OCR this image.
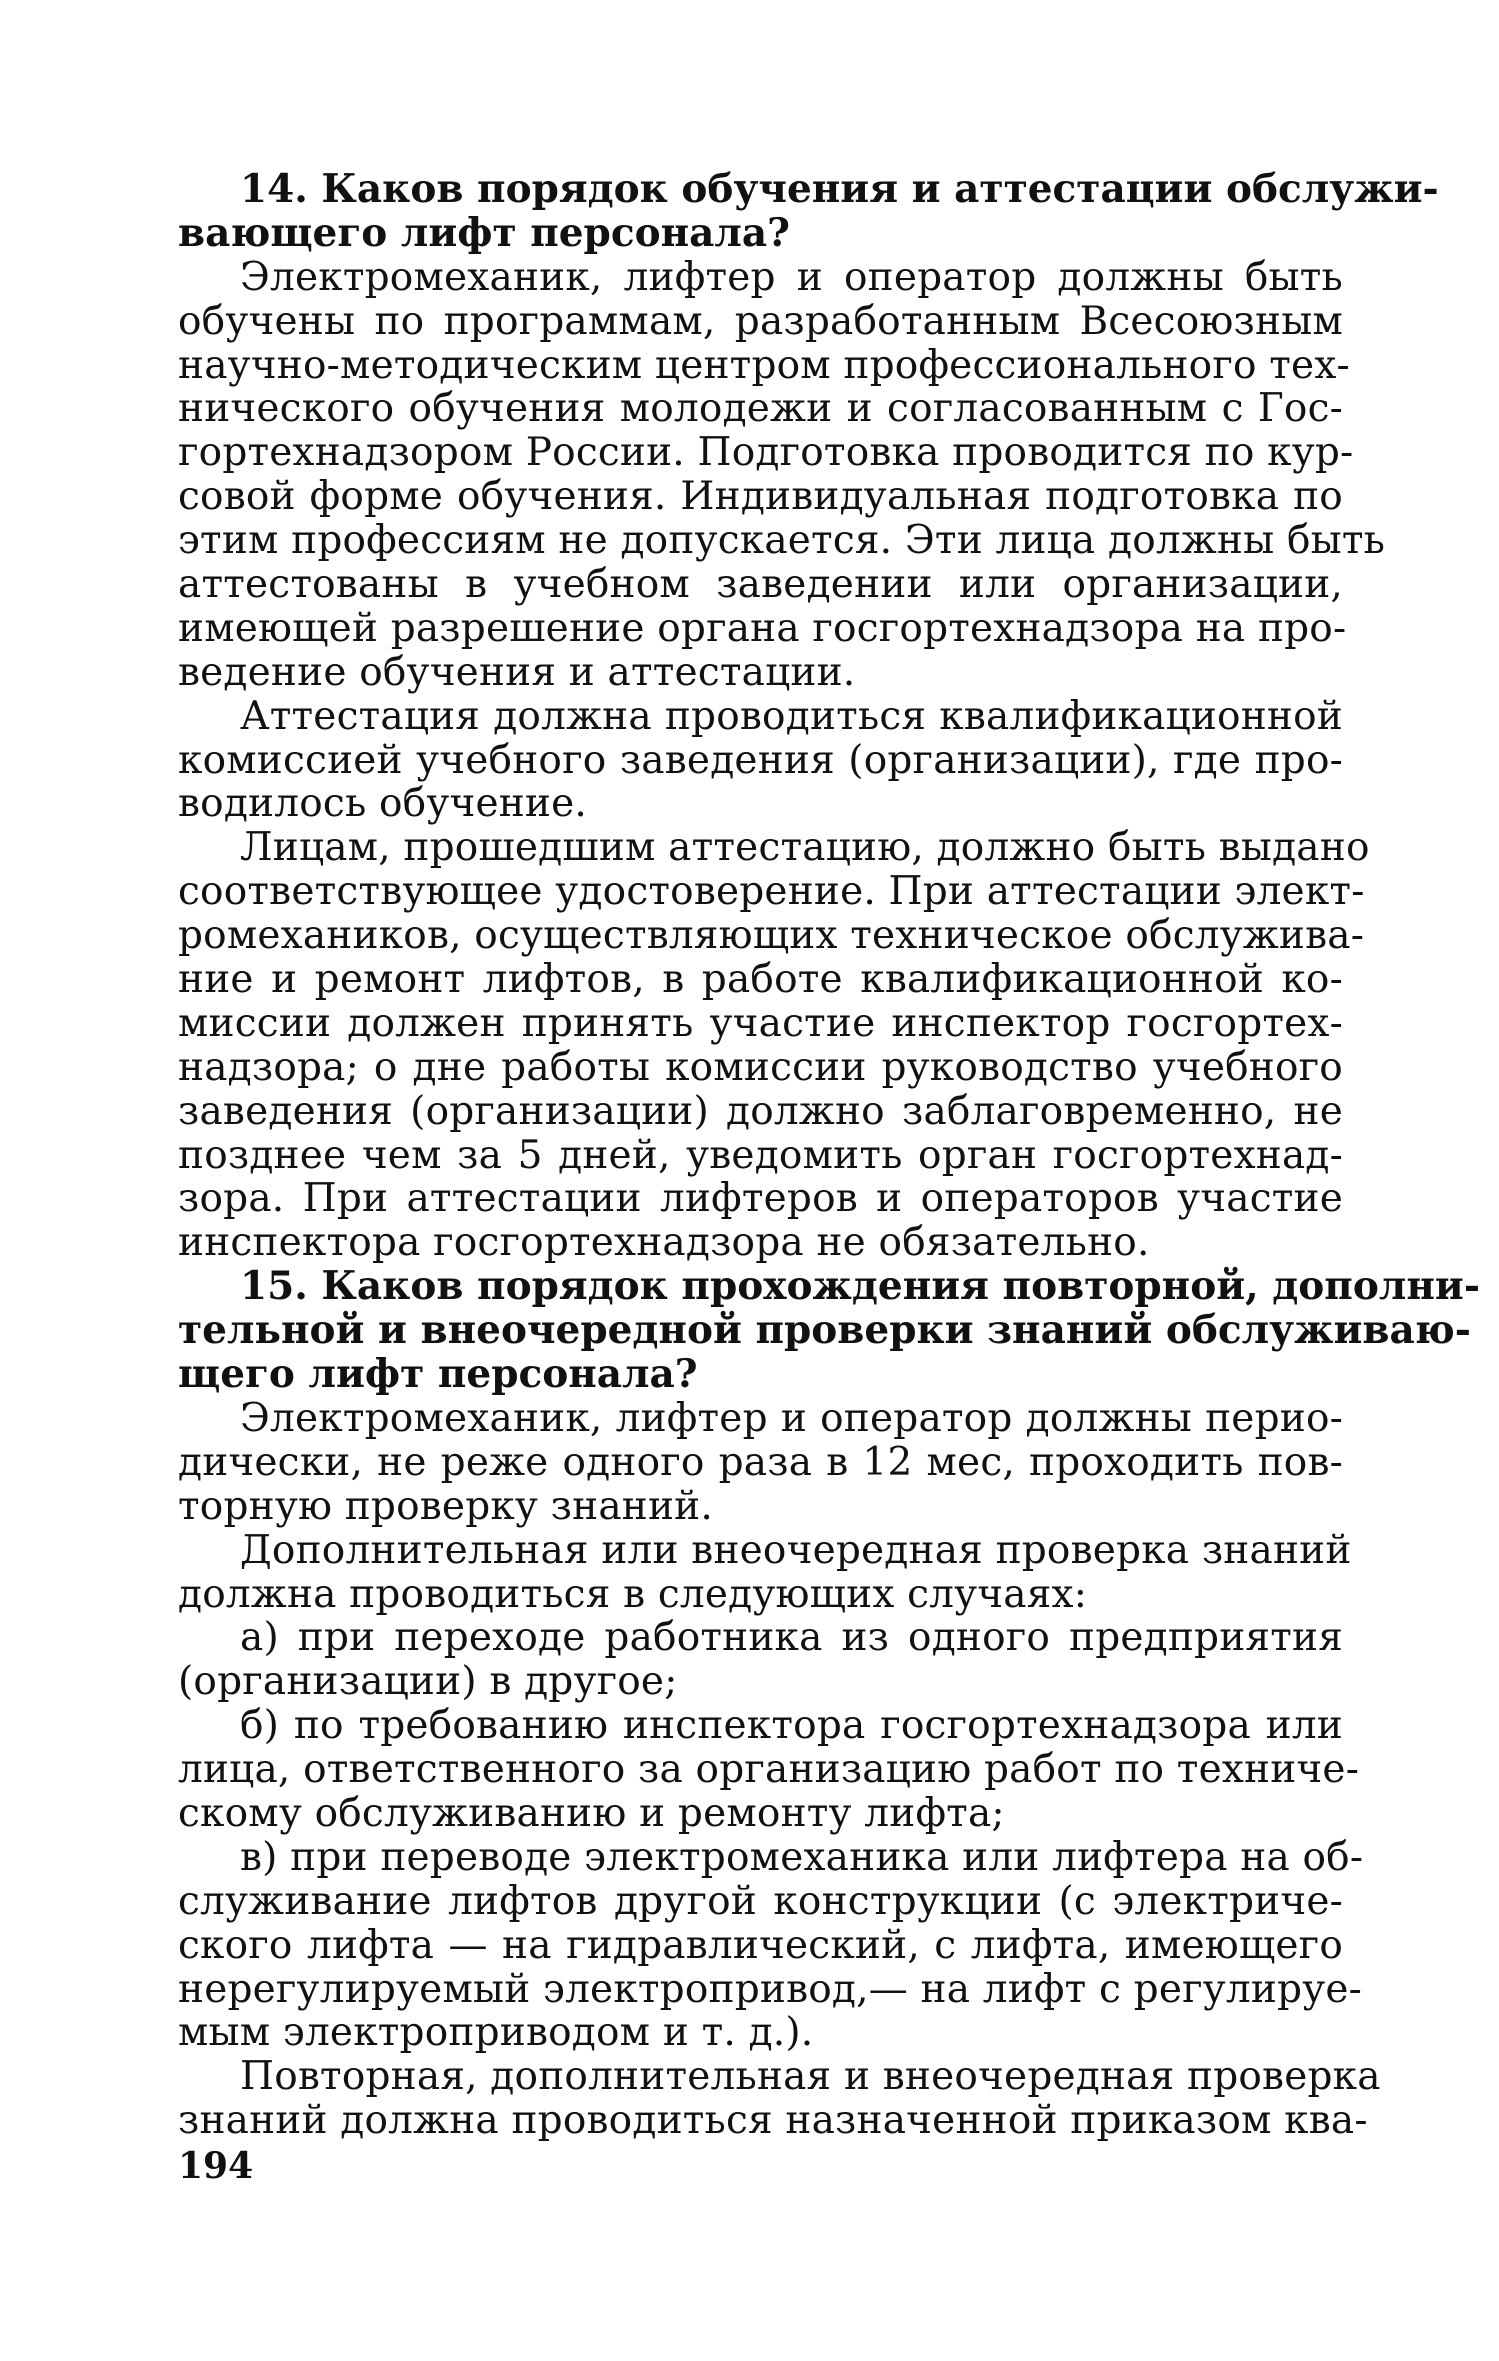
14. Каков порядок обучения и аттестации обслужи-
вающего лифт персонала?
Электромеханик, лифтер и оператор должны быть
обучены по программам, разработанным Всесоюзным
научно-методическим центром профессионального тех-
нического обучения молодежи и согласованным с Гос-
гортехнадзором России. Подготовка проводится по кур-
совой форме обучения. Индивидуальная подготовка по
этим профессиям не допускается. Эти лица должны быть
аттестованы в учебном заведении или организации,
имеющей разрешение органа госгортехнадзора на про-
ведение обучения и аттестации.
Аттестация должна проводиться квалификационной
комиссией учебного заведения (организации), где про-
водилось обучение.
Лицам, прошедшим аттестацию, должно быть выдано
соответствующее удостоверение. При аттестации элект-
ромехаников, осуществляющих техническое обслужива-
ние и ремонт лифтов, в работе квалификационной ко-
миссии должен принять участие инспектор госгортех-
надзора; о дне работы комиссии руководство учебного
заведения (организации) должно заблаговременно, не
позднее чем за 5 дней, уведомить орган госгортехнад-
зора. При аттестации лифтеров и операторов участие
инспектора госгортехнадзора не обязательно.
15. Каков порядок прохождения повторной, дополни-
тельной и внеочередной проверки знаний обслуживаю-
щего лифт персонала?
Электромеханик, лифтер и оператор должны перио-
дически, не реже одного раза в 12 мес, проходить пов-
торную проверку знаний.
Дополнительная или внеочередная проверка знаний
должна проводиться в следующих случаях:
а) при переходе работника из одного предприятия
(организации) в другое;
б) по требованию инспектора госгортехнадзора или
лица, ответственного за организацию работ по техниче-
скому обслуживанию и ремонту лифта;
в) при переводе электромеханика или лифтера на об-
служивание лифтов другой конструкции (с электриче-
ского лифта — на гидравлический, с лифта, имеющего
нерегулируемый электропривод,— на лифт с регулируе-
мым электроприводом и т. д.).
Повторная, дополнительная и внеочередная проверка
знаний должна проводиться назначенной приказом ква-
194
